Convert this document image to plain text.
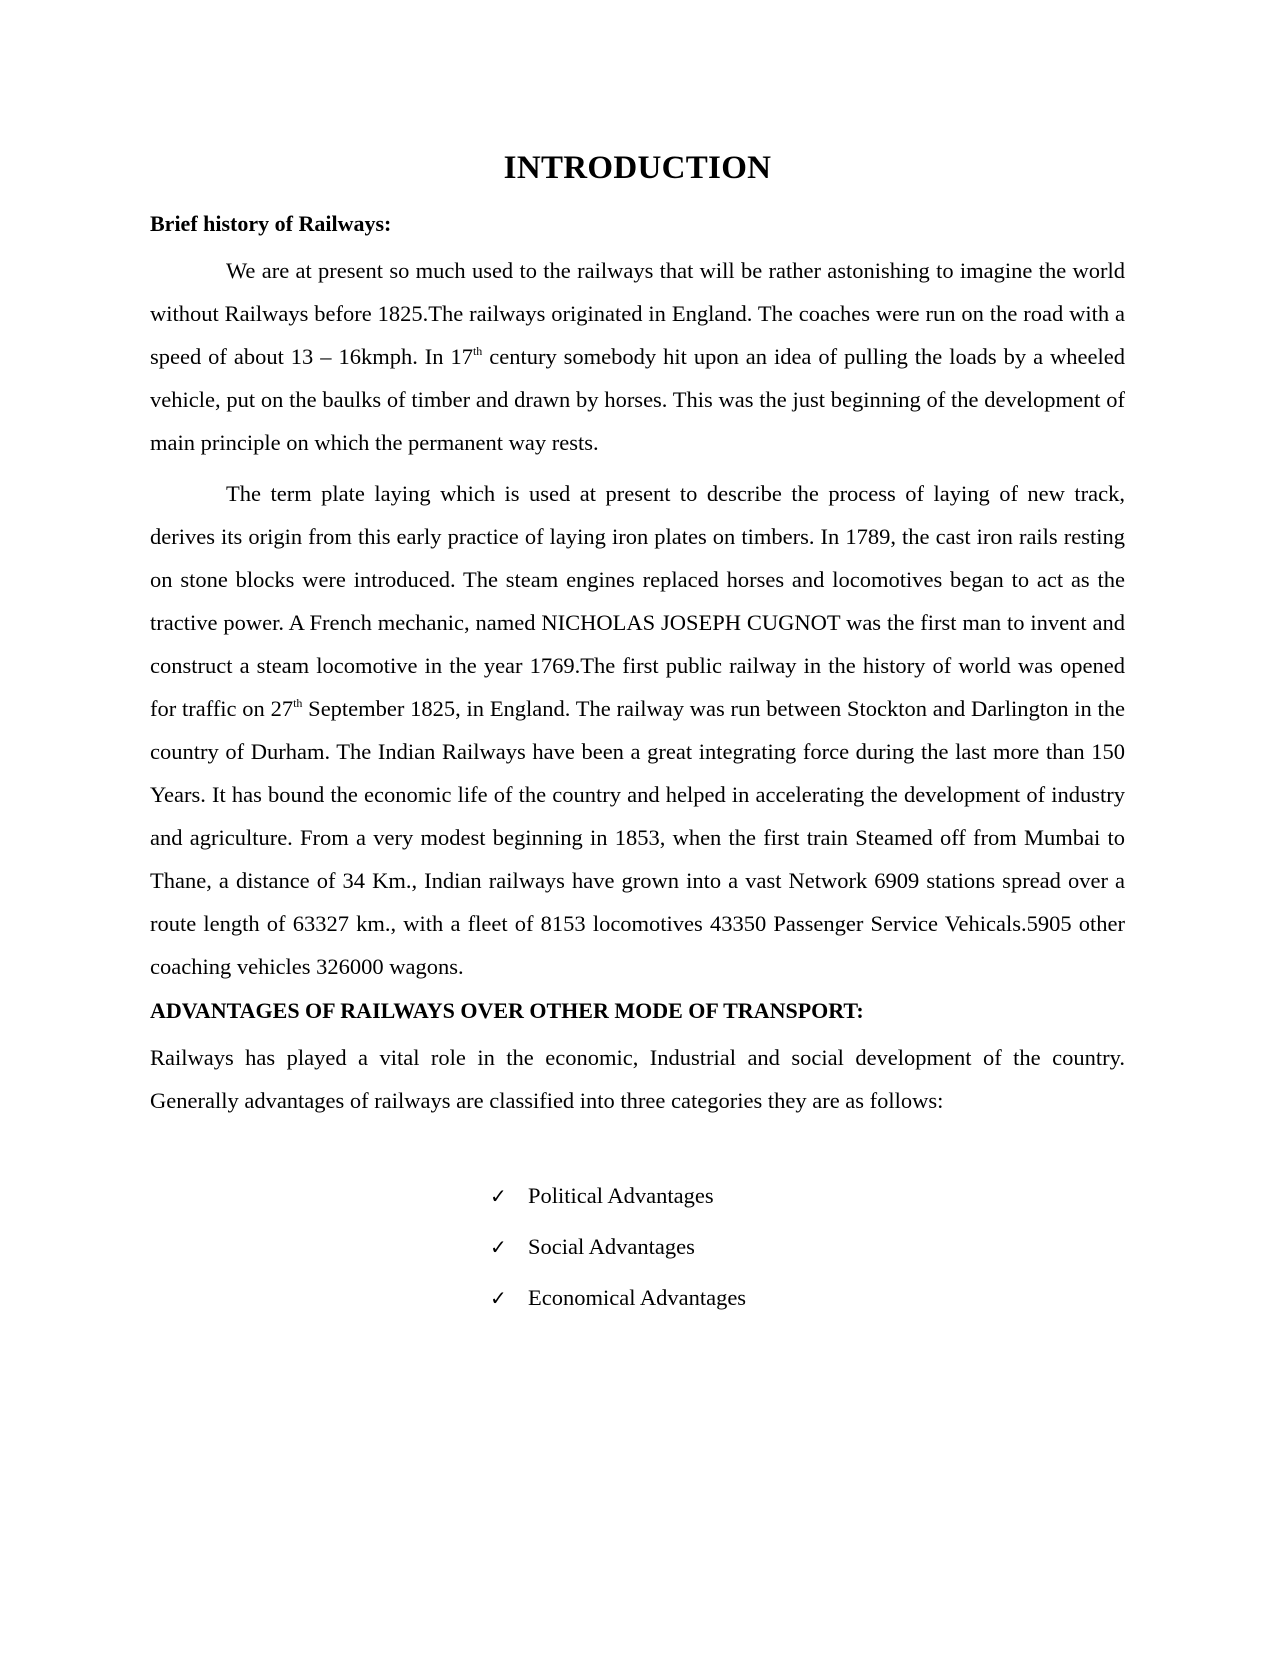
INTRODUCTION
Brief history of Railways:

We are at present so much used to the railways that will be rather astonishing to imagine the world without Railways before 1825.The railways originated in England. The coaches were run on the road with a speed of about 13 – 16kmph. In 17th century somebody hit upon an idea of pulling the loads by a wheeled vehicle, put on the baulks of timber and drawn by horses. This was the just beginning of the development of main principle on which the permanent way rests.

The term plate laying which is used at present to describe the process of laying of new track, derives its origin from this early practice of laying iron plates on timbers. In 1789, the cast iron rails resting on stone blocks were introduced. The steam engines replaced horses and locomotives began to act as the tractive power. A French mechanic, named NICHOLAS JOSEPH CUGNOT was the first man to invent and construct a steam locomotive in the year 1769.The first public railway in the history of world was opened for traffic on 27th September 1825, in England. The railway was run between Stockton and Darlington in the country of Durham. The Indian Railways have been a great integrating force during the last more than 150 Years. It has bound the economic life of the country and helped in accelerating the development of industry and agriculture. From a very modest beginning in 1853, when the first train Steamed off from Mumbai to Thane, a distance of 34 Km., Indian railways have grown into a vast Network 6909 stations spread over a route length of 63327 km., with a fleet of 8153 locomotives 43350 Passenger Service Vehicals.5905 other coaching vehicles 326000 wagons.

ADVANTAGES OF RAILWAYS OVER OTHER MODE OF TRANSPORT:

Railways has played a vital role in the economic, Industrial and social development of the country. Generally advantages of railways are classified into three categories they are as follows:

✓ Political Advantages
✓ Social Advantages
✓ Economical Advantages
